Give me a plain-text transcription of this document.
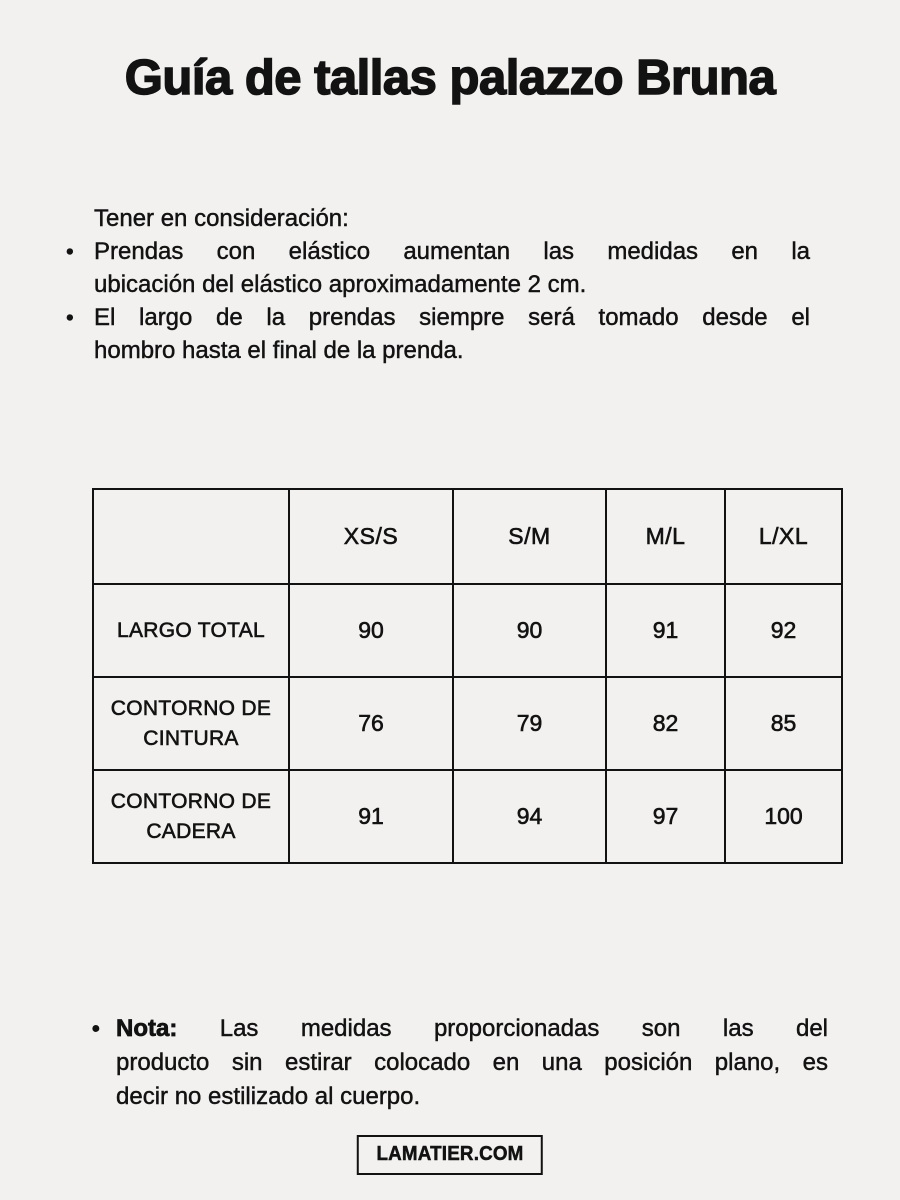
Guía de tallas palazzo Bruna
Tener en consideración:
• Prendas con elástico aumentan las medidas en la
ubicación del elástico aproximadamente 2 cm.
• El largo de la prendas siempre será tomado desde el
hombro hasta el final de la prenda.
	XS/S	S/M	M/L	L/XL
LARGO TOTAL	90	90	91	92
CONTORNO DE CINTURA	76	79	82	85
CONTORNO DE CADERA	91	94	97	100
• Nota: Las medidas proporcionadas son las del
producto sin estirar colocado en una posición plano, es
decir no estilizado al cuerpo.
LAMATIER.COM
